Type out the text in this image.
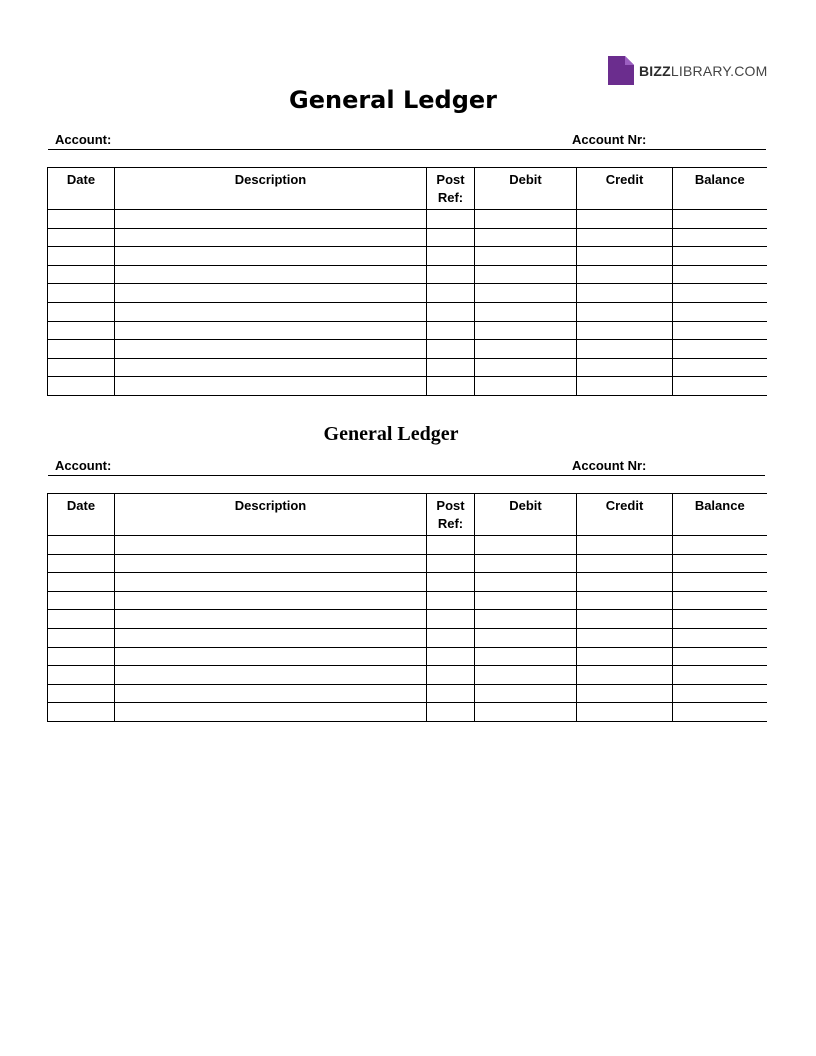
BIZZLIBRARY.COM
General Ledger
Account:	Account Nr:
Date	Description	Post Ref:	Debit	Credit	Balance

General Ledger
Account:	Account Nr:
Date	Description	Post Ref:	Debit	Credit	Balance
